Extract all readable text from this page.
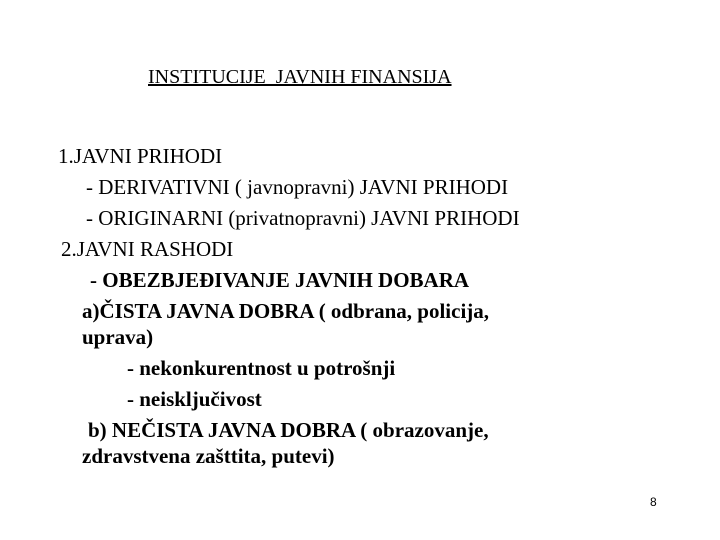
INSTITUCIJE  JAVNIH FINANSIJA
1.JAVNI PRIHODI
- DERIVATIVNI ( javnopravni) JAVNI PRIHODI
- ORIGINARNI (privatnopravni) JAVNI PRIHODI
2.JAVNI RASHODI
- OBEZBJEĐIVANJE JAVNIH DOBARA
a)ČISTA JAVNA DOBRA ( odbrana, policija,
uprava)
- nekonkurentnost u potrošnji
- neisključivost
b) NEČISTA JAVNA DOBRA ( obrazovanje,
zdravstvena zašttita, putevi)
8
